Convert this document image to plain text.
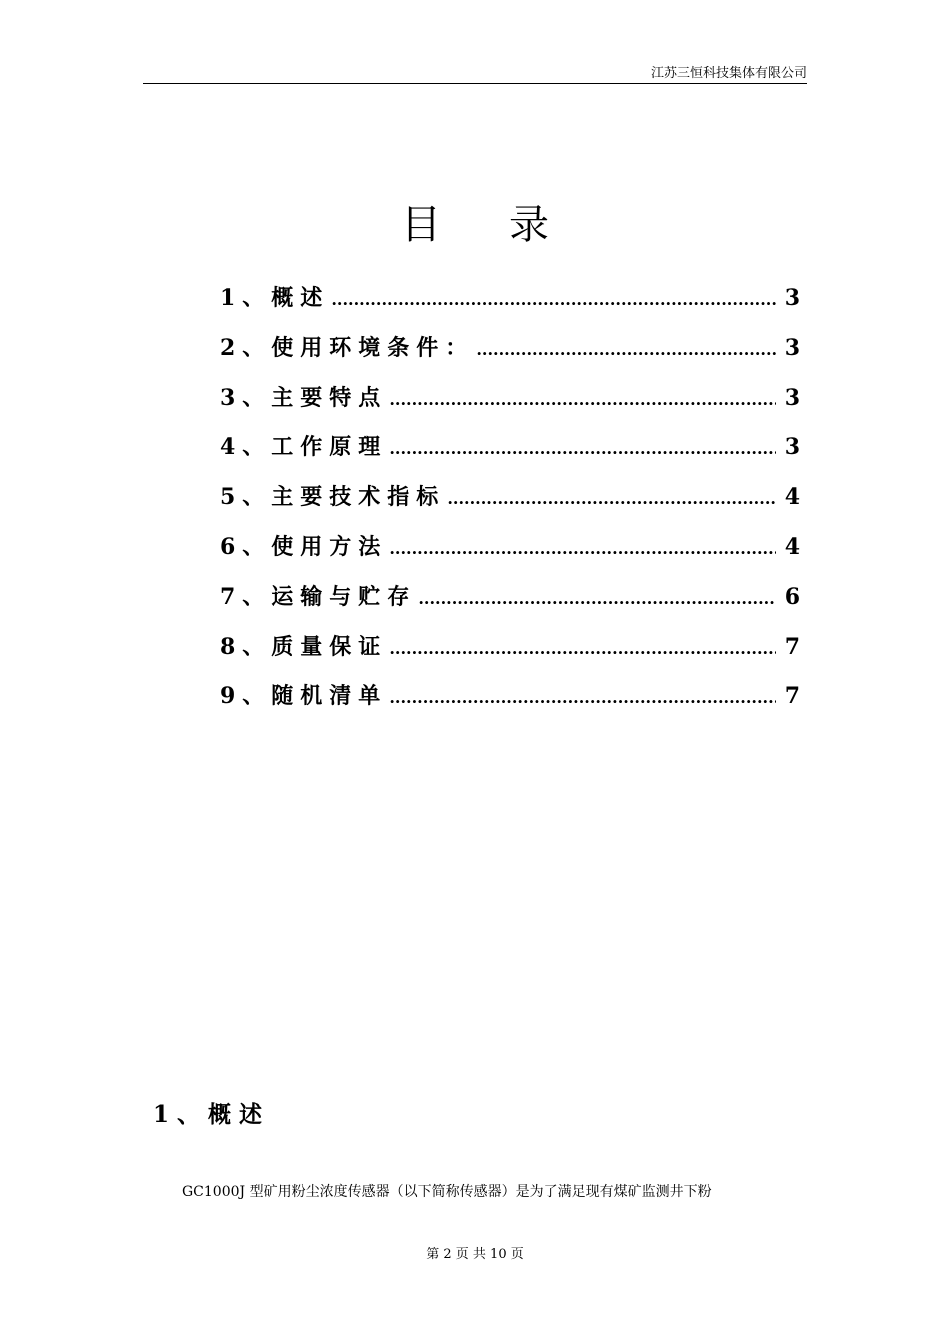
江苏三恒科技集体有限公司
目录
1、概述 .....	3
2、使用环境条件： .....	3
3、主要特点 .....	3
4、工作原理 .....	3
5、主要技术指标 .....	4
6、使用方法 .....	4
7、运输与贮存 .....	6
8、质量保证 .....	7
9、随机清单 .....	7
1、概述
GC1000J 型矿用粉尘浓度传感器（以下简称传感器）是为了满足现有煤矿监测井下粉
第 2 页 共 10 页
